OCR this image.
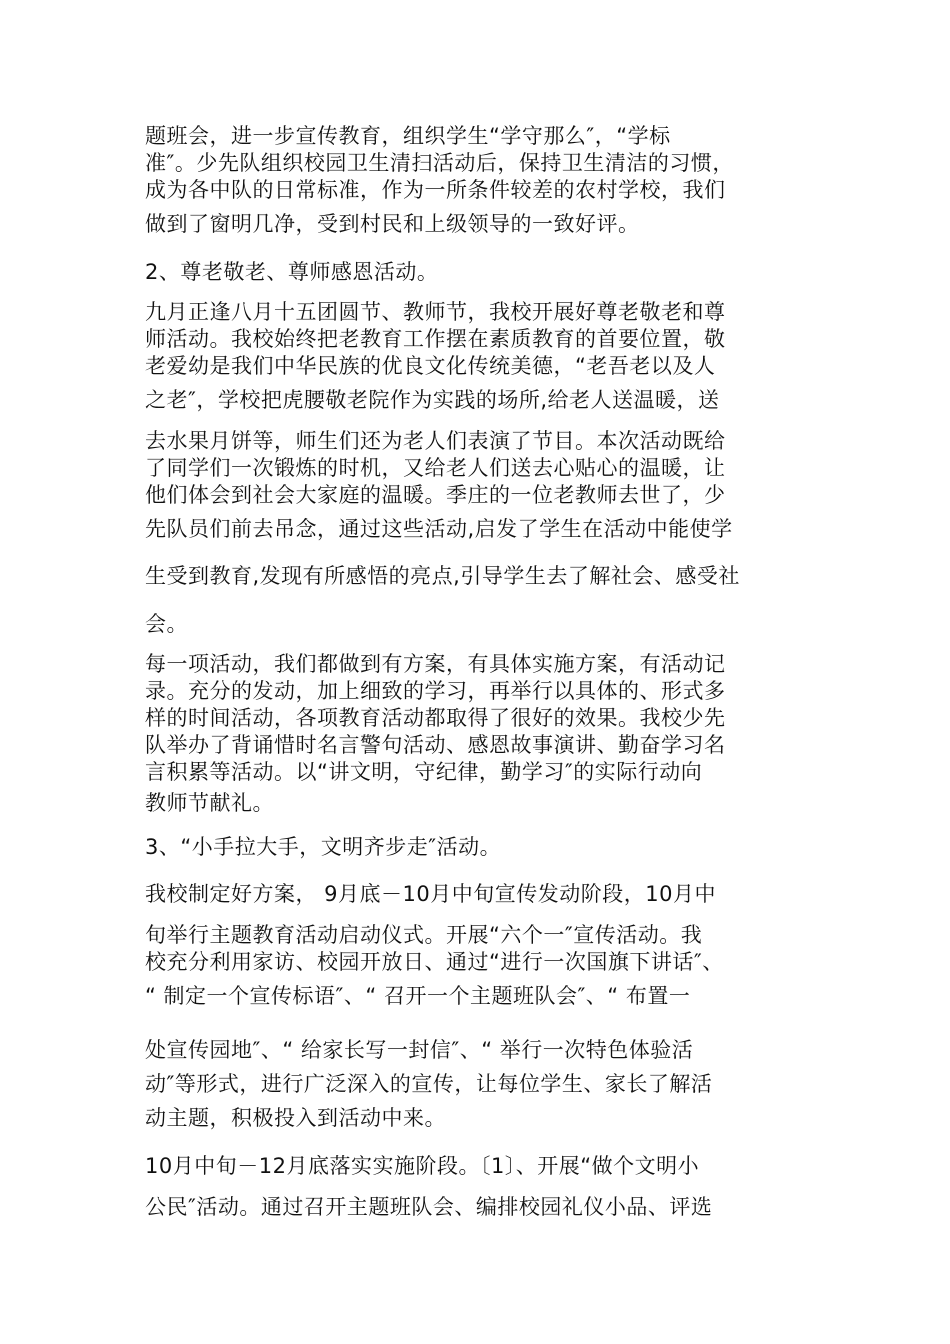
题班会，进一步宣传教育，组织学生“学守那么″，“学标
准″。少先队组织校园卫生清扫活动后，保持卫生清洁的习惯，
成为各中队的日常标准，作为一所条件较差的农村学校，我们
做到了窗明几净，受到村民和上级领导的一致好评。
2、尊老敬老、尊师感恩活动。
九月正逢八月十五团圆节、教师节，我校开展好尊老敬老和尊
师活动。我校始终把老教育工作摆在素质教育的首要位置，敬
老爱幼是我们中华民族的优良文化传统美德，“老吾老以及人
之老″，学校把虎腰敬老院作为实践的场所,给老人送温暖，送
去水果月饼等，师生们还为老人们表演了节目。本次活动既给
了同学们一次锻炼的时机，又给老人们送去心贴心的温暖，让
他们体会到社会大家庭的温暖。季庄的一位老教师去世了，少
先队员们前去吊念，通过这些活动,启发了学生在活动中能使学
生受到教育,发现有所感悟的亮点,引导学生去了解社会、感受社
会。
每一项活动，我们都做到有方案，有具体实施方案，有活动记
录。充分的发动，加上细致的学习，再举行以具体的、形式多
样的时间活动，各项教育活动都取得了很好的效果。我校少先
队举办了背诵惜时名言警句活动、感恩故事演讲、勤奋学习名
言积累等活动。以“讲文明，守纪律，勤学习″的实际行动向
教师节献礼。
3、“小手拉大手，文明齐步走″活动。
我校制定好方案， 9月底－10月中旬宣传发动阶段，10月中
旬举行主题教育活动启动仪式。开展“六个一″宣传活动。我
校充分利用家访、校园开放日、通过“进行一次国旗下讲话″、
“ 制定一个宣传标语″、“ 召开一个主题班队会″、“ 布置一
处宣传园地″、“ 给家长写一封信″、“ 举行一次特色体验活
动″等形式，进行广泛深入的宣传，让每位学生、家长了解活
动主题，积极投入到活动中来。
10月中旬－12月底落实实施阶段。〔1〕、开展“做个文明小
公民″活动。通过召开主题班队会、编排校园礼仪小品、评选
